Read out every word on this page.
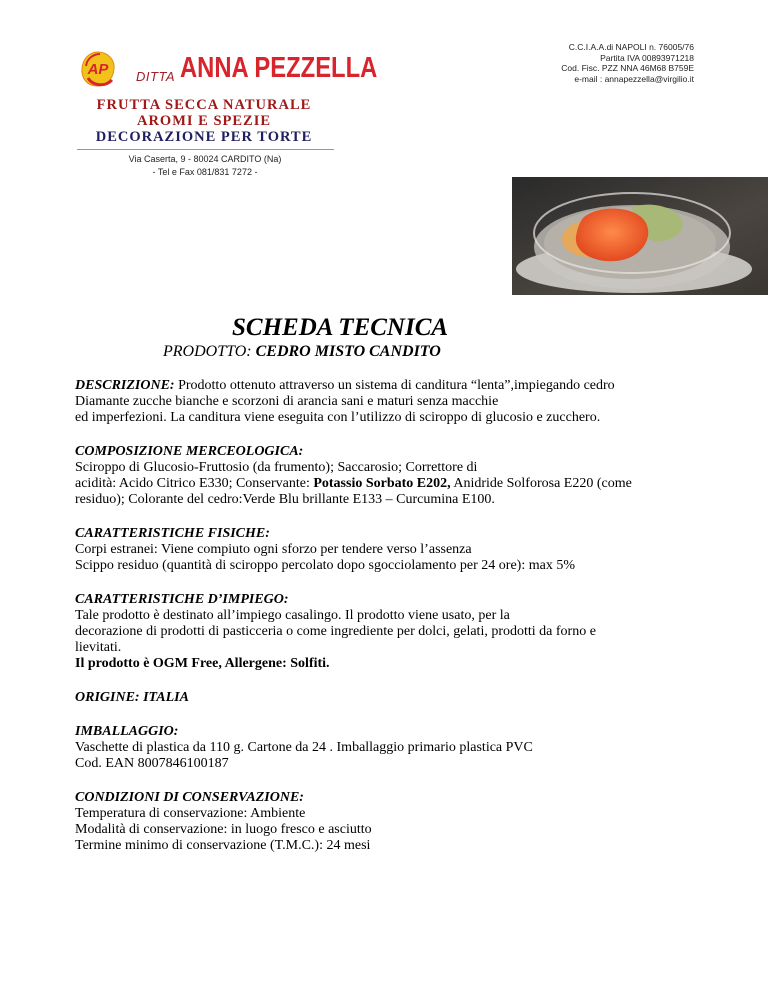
AP DITTA ANNA PEZZELLA
FRUTTA SECCA NATURALE
AROMI E SPEZIE
DECORAZIONE PER TORTE
Via Caserta, 9 - 80024 CARDITO (Na)
- Tel e Fax 081/831 7272 -
C.C.I.A.A.di NAPOLI n. 76005/76
Partita IVA 00893971218
Cod. Fisc. PZZ NNA 46M68 B759E
e-mail : annapezzella@virgilio.it
SCHEDA TECNICA
PRODOTTO: CEDRO MISTO CANDITO
DESCRIZIONE: Prodotto ottenuto attraverso un sistema di canditura “lenta”,impiegando cedro
Diamante zucche bianche e scorzoni di arancia sani e maturi senza macchie
ed imperfezioni. La canditura viene eseguita con l’utilizzo di sciroppo di glucosio e zucchero.
COMPOSIZIONE MERCEOLOGICA:
Sciroppo di Glucosio-Fruttosio (da frumento); Saccarosio; Correttore di
acidità: Acido Citrico E330; Conservante: Potassio Sorbato E202, Anidride Solforosa E220 (come
residuo); Colorante del cedro:Verde Blu brillante E133 – Curcumina E100.
CARATTERISTICHE FISICHE:
Corpi estranei: Viene compiuto ogni sforzo per tendere verso l’assenza
Scippo residuo (quantità di sciroppo percolato dopo sgocciolamento per 24 ore): max 5%
CARATTERISTICHE D’IMPIEGO:
Tale prodotto è destinato all’impiego casalingo. Il prodotto viene usato, per la
decorazione di prodotti di pasticceria o come ingrediente per dolci, gelati, prodotti da forno e
lievitati.
Il prodotto è OGM Free, Allergene: Solfiti.
ORIGINE: ITALIA
IMBALLAGGIO:
Vaschette di plastica da 110 g. Cartone da 24 . Imballaggio primario plastica PVC
Cod. EAN 8007846100187
CONDIZIONI DI CONSERVAZIONE:
Temperatura di conservazione: Ambiente
Modalità di conservazione: in luogo fresco e asciutto
Termine minimo di conservazione (T.M.C.): 24 mesi
